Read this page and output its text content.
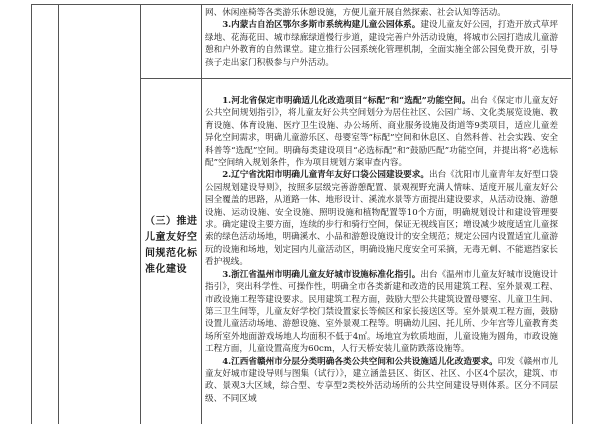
网、休闲座椅等各类游乐休憩设施，方便儿童开展自然探索、社会认知等活动。

3.内蒙古自治区鄂尔多斯市系统构建儿童公园体系。建设儿童友好公园，打造开放式草坪绿地、花海花田、城市绿廊绿道慢行步道，建设完善户外活动设施，将城市公园打造成儿童游憩和户外教育的自然课堂。建立推行公园系统化管理机制，全面实施全部公园免费开放，引导孩子走出家门积极参与户外活动。

（三）推进儿童友好空间规范化标准化建设

1.河北省保定市明确适儿化改造项目“标配”和“选配”功能空间。出台《保定市儿童友好公共空间规划指引》，将儿童友好公共空间划分为居住社区、公园广场、文化类展览设施、教育设施、体育设施、医疗卫生设施、办公场所、商业服务设施及街道等9类项目，适应儿童差异化空间需求，明确儿童游乐区、母婴室等“标配”空间和休息区、自然科普、社会实践、安全科普等“选配”空间。明确每类建设项目“必选标配”和“鼓励匹配”功能空间，并提出将“必选标配”空间纳入规划条件，作为项目规划方案审查内容。

2.辽宁省沈阳市明确儿童青年友好口袋公园建设要求。出台《沈阳市儿童青年友好型口袋公园规划建设导则》，按照多层级完善游憩配置、景观视野充满人情味、适度开展儿童友好公园全覆盖的思路，从道路一体、地形设计、溪流水景等方面提出建设要求，从活动设施、游憩设施、运动设施、安全设施、照明设施和植物配置等10个方面，明确规划设计和建设管理要求。确定建设主要方面，连续的步行和骑行空间，保证无视线盲区；增设减少坡度适宜儿童探索的绿色活动场地，明确溪水、小品和游憩设施设计的安全规范；规定公园内设置适宜儿童游玩的设施和场地，划定园内儿童活动区，明确设施尺度安全可采摘，无毒无刺、不能遮挡家长看护视线。

3.浙江省温州市明确儿童友好城市设施标准化指引。出台《温州市儿童友好城市设施设计指引》，突出科学性、可操作性，明确全市各类新建和改造的民用建筑工程、室外景观工程、市政设施工程等建设要求。民用建筑工程方面，鼓励大型公共建筑设置母婴室、儿童卫生间、第三卫生间等，儿童友好学校门禁设置家长等候区和家长接送区等。室外景观工程方面，鼓励设置儿童活动场地、游憩设施、室外景观工程等。明确幼儿园、托儿所、少年宫等儿童教育类场所室外地面游戏场地人均面积不低于4㎡。场地宜为软质地面，儿童设施为圆角，市政设施工程方面，儿童设置高度为60cm，人行天桥安装儿童防跌落设施等。

4.江西省赣州市分层分类明确各类公共空间和公共设施适儿化改造要求。印发《赣州市儿童友好城市建设导则与图集（试行）》，建立涵盖县区、街区、社区、小区4个层次，建筑、市政、景观3大区域，综合型、专享型2类校外活动场所的公共空间建设导则体系。区分不同层级、不同区域
